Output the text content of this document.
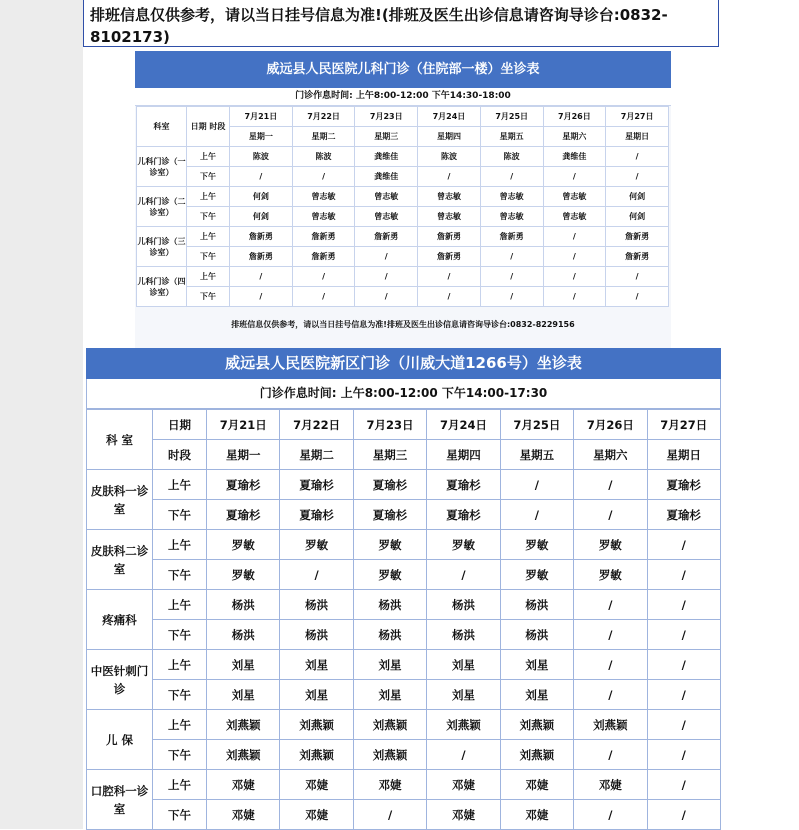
排班信息仅供参考，请以当日挂号信息为准!(排班及医生出诊信息请咨询导诊台:0832-8102173)
威远县人民医院儿科门诊（住院部一楼）坐诊表
门诊作息时间: 上午8:00-12:00 下午14:30-18:00
科室	日期 时段	7月21日	7月22日	7月23日	7月24日	7月25日	7月26日	7月27日
		星期一	星期二	星期三	星期四	星期五	星期六	星期日
儿科门诊（一诊室）	上午	陈波	陈波	龚维佳	陈波	陈波	龚维佳	/
	下午	/	/	龚维佳	/	/	/	/
儿科门诊（二诊室）	上午	何剑	曾志敏	曾志敏	曾志敏	曾志敏	曾志敏	何剑
	下午	何剑	曾志敏	曾志敏	曾志敏	曾志敏	曾志敏	何剑
儿科门诊（三诊室）	上午	詹新勇	詹新勇	詹新勇	詹新勇	詹新勇	/	詹新勇
	下午	詹新勇	詹新勇	/	詹新勇	/	/	詹新勇
儿科门诊（四诊室）	上午	/	/	/	/	/	/	/
	下午	/	/	/	/	/	/	/
排班信息仅供参考，请以当日挂号信息为准!排班及医生出诊信息请咨询导诊台:0832-8229156
威远县人民医院新区门诊（川威大道1266号）坐诊表
门诊作息时间: 上午8:00-12:00 下午14:00-17:30
科 室	日期	7月21日	7月22日	7月23日	7月24日	7月25日	7月26日	7月27日
	时段	星期一	星期二	星期三	星期四	星期五	星期六	星期日
皮肤科一诊室	上午	夏瑜杉	夏瑜杉	夏瑜杉	夏瑜杉	/	/	夏瑜杉
	下午	夏瑜杉	夏瑜杉	夏瑜杉	夏瑜杉	/	/	夏瑜杉
皮肤科二诊室	上午	罗敏	罗敏	罗敏	罗敏	罗敏	罗敏	/
	下午	罗敏	/	罗敏	/	罗敏	罗敏	/
疼痛科	上午	杨洪	杨洪	杨洪	杨洪	杨洪	/	/
	下午	杨洪	杨洪	杨洪	杨洪	杨洪	/	/
中医针刺门诊	上午	刘星	刘星	刘星	刘星	刘星	/	/
	下午	刘星	刘星	刘星	刘星	刘星	/	/
儿 保	上午	刘燕颖	刘燕颖	刘燕颖	刘燕颖	刘燕颖	刘燕颖	/
	下午	刘燕颖	刘燕颖	刘燕颖	/	刘燕颖	/	/
口腔科一诊室	上午	邓婕	邓婕	邓婕	邓婕	邓婕	邓婕	/
	下午	邓婕	邓婕	/	邓婕	邓婕	/	/
